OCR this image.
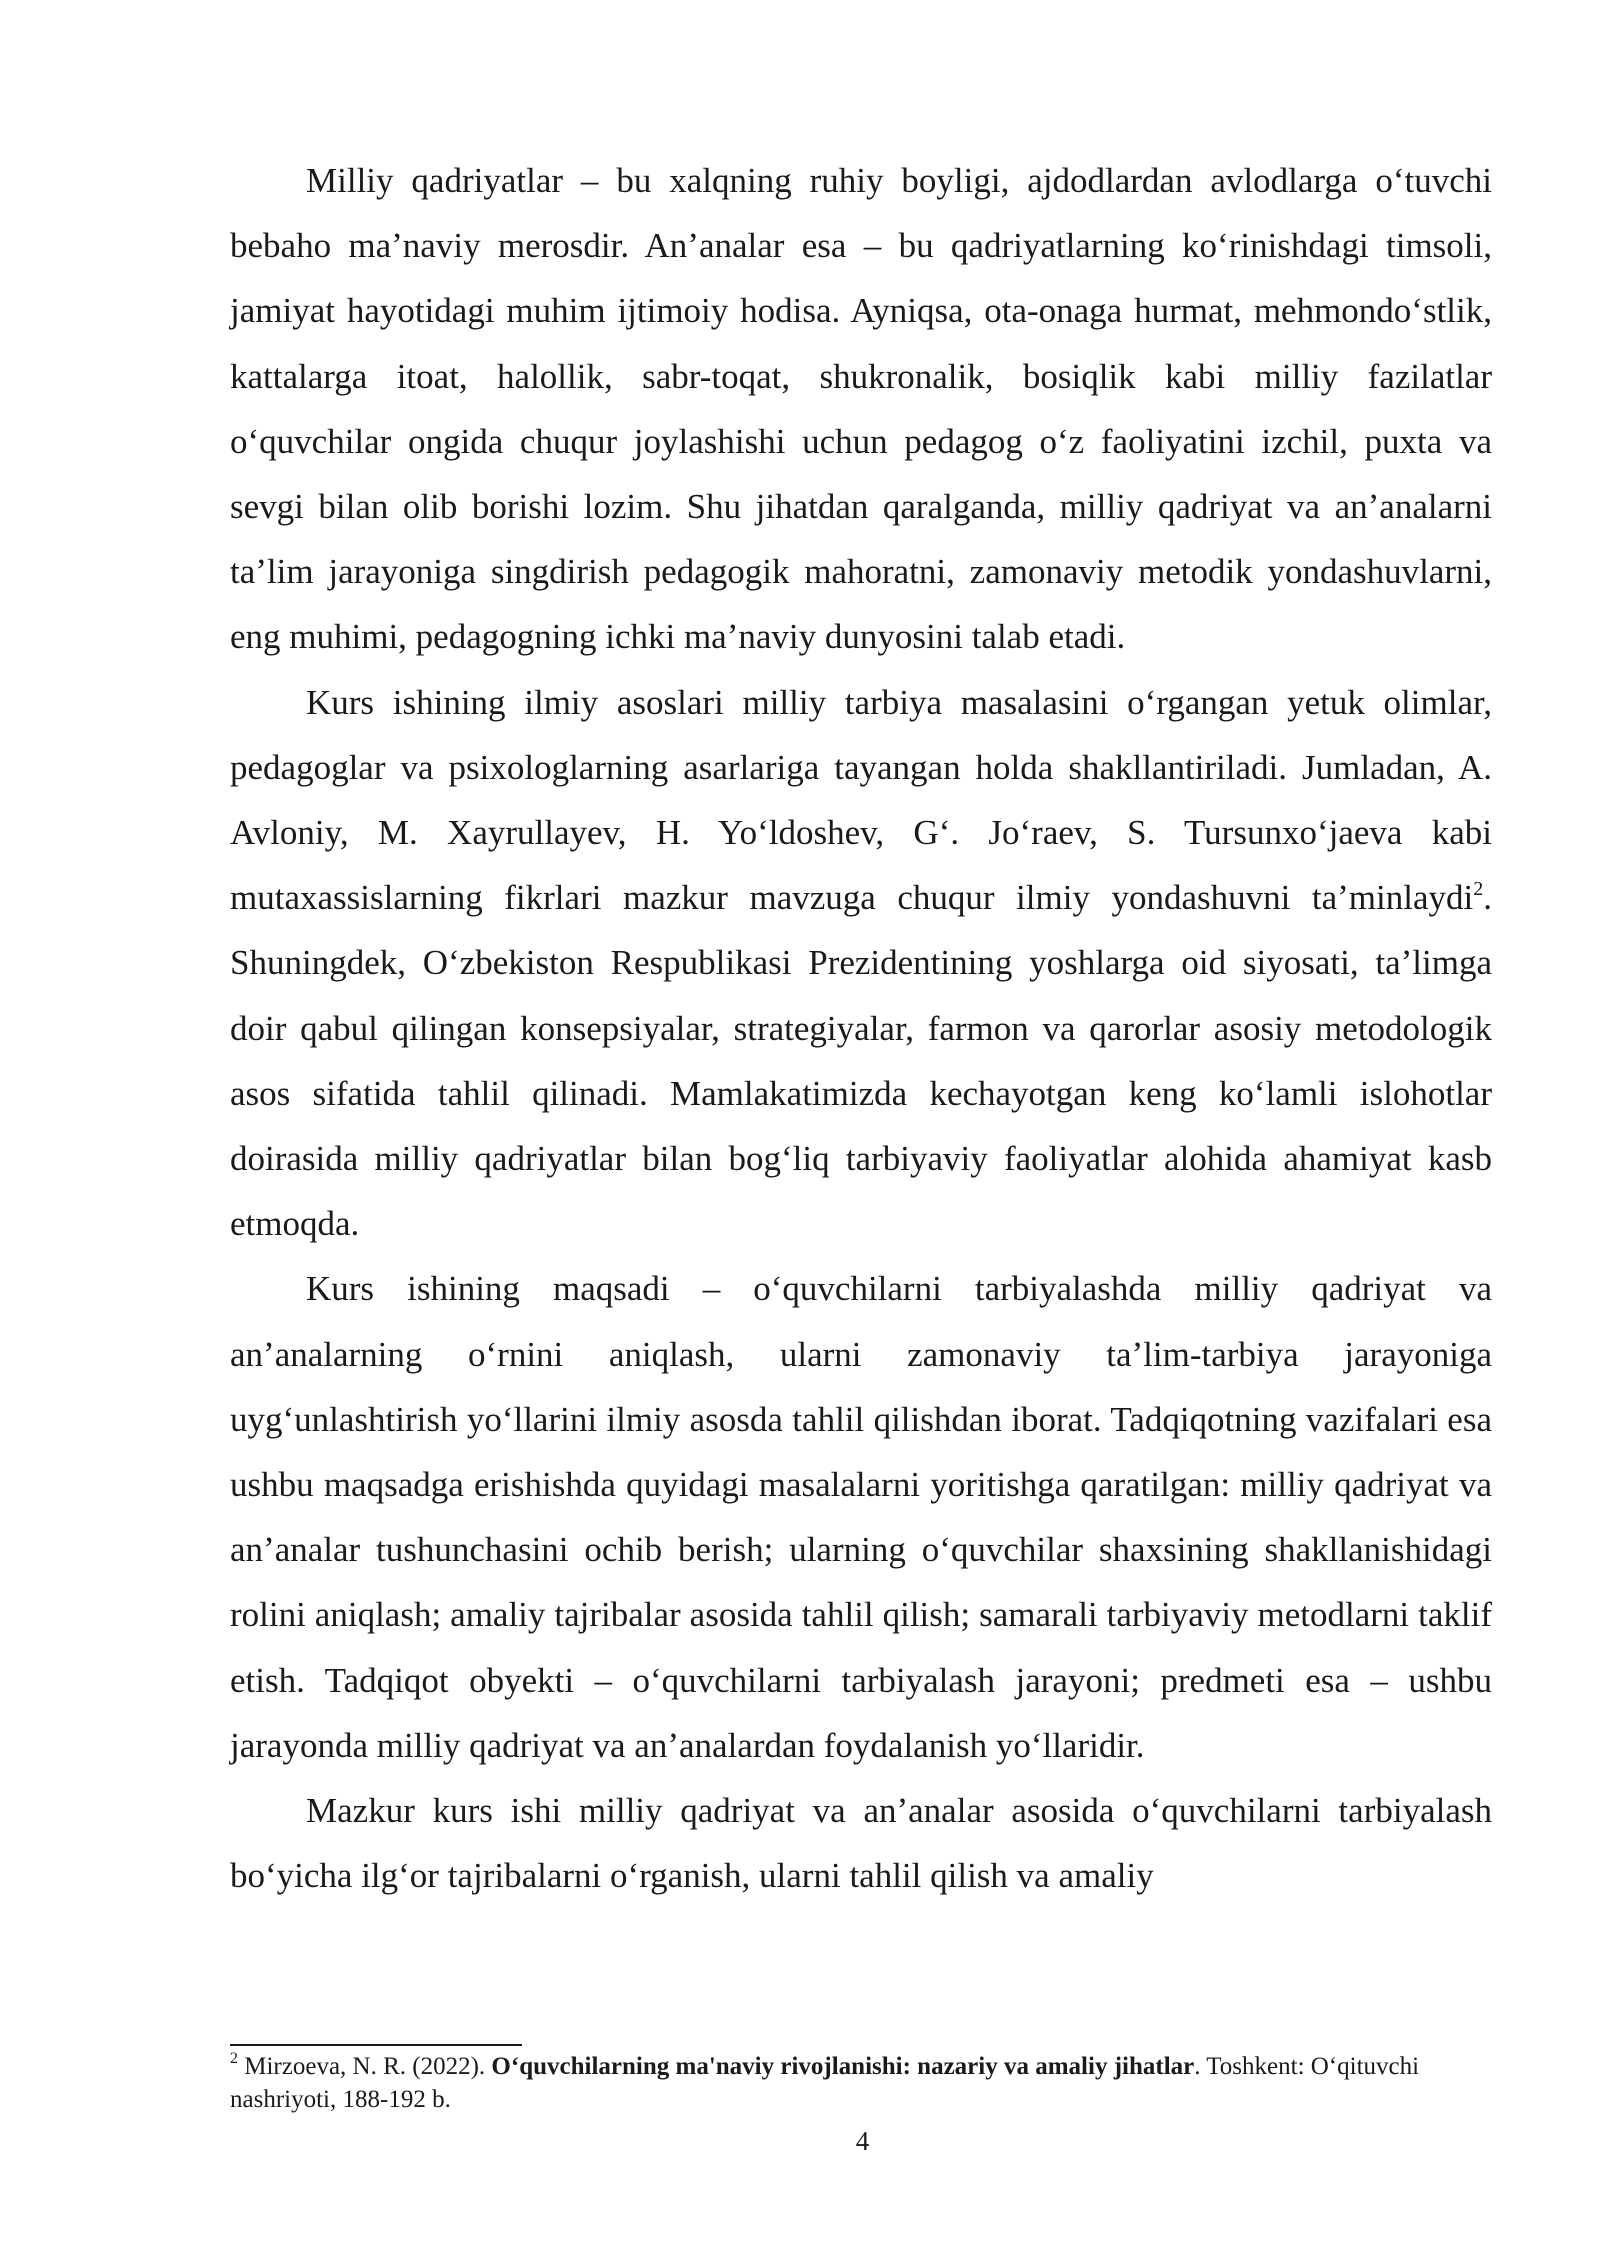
Milliy qadriyatlar – bu xalqning ruhiy boyligi, ajdodlardan avlodlarga oʻtuvchi bebaho maʼnaviy merosdir. Anʼanalar esa – bu qadriyatlarning koʻrinishdagi timsoli, jamiyat hayotidagi muhim ijtimoiy hodisa. Ayniqsa, ota-onaga hurmat, mehmondoʻstlik, kattalarga itoat, halollik, sabr-toqat, shukronalik, bosiqlik kabi milliy fazilatlar oʻquvchilar ongida chuqur joylashishi uchun pedagog oʻz faoliyatini izchil, puxta va sevgi bilan olib borishi lozim. Shu jihatdan qaralganda, milliy qadriyat va anʼanalarni taʼlim jarayoniga singdirish pedagogik mahoratni, zamonaviy metodik yondashuvlarni, eng muhimi, pedagogning ichki maʼnaviy dunyosini talab etadi.

Kurs ishining ilmiy asoslari milliy tarbiya masalasini oʻrgangan yetuk olimlar, pedagoglar va psixologlarning asarlariga tayangan holda shakllantiriladi. Jumladan, A. Avloniy, M. Xayrullayev, H. Yoʻldoshev, Gʻ. Joʻraev, S. Tursunxoʻjaeva kabi mutaxassislarning fikrlari mazkur mavzuga chuqur ilmiy yondashuvni taʼminlaydi$^2$. Shuningdek, Oʻzbekiston Respublikasi Prezidentining yoshlarga oid siyosati, taʼlimga doir qabul qilingan konsepsiyalar, strategiyalar, farmon va qarorlar asosiy metodologik asos sifatida tahlil qilinadi. Mamlakatimizda kechayotgan keng koʻlamli islohotlar doirasida milliy qadriyatlar bilan bogʻliq tarbiyaviy faoliyatlar alohida ahamiyat kasb etmoqda.

Kurs ishining maqsadi – oʻquvchilarni tarbiyalashda milliy qadriyat va anʼanalarning oʻrnini aniqlash, ularni zamonaviy taʼlim-tarbiya jarayoniga uygʻunlashtirish yoʻllarini ilmiy asosda tahlil qilishdan iborat. Tadqiqotning vazifalari esa ushbu maqsadga erishishda quyidagi masalalarni yoritishga qaratilgan: milliy qadriyat va anʼanalar tushunchasini ochib berish; ularning oʻquvchilar shaxsining shakllanishidagi rolini aniqlash; amaliy tajribalar asosida tahlil qilish; samarali tarbiyaviy metodlarni taklif etish. Tadqiqot obyekti – oʻquvchilarni tarbiyalash jarayoni; predmeti esa – ushbu jarayonda milliy qadriyat va anʼanalardan foydalanish yoʻllaridir.

Mazkur kurs ishi milliy qadriyat va anʼanalar asosida oʻquvchilarni tarbiyalash boʻyicha ilgʻor tajribalarni oʻrganish, ularni tahlil qilish va amaliy

$^2$ Mirzoeva, N. R. (2022). Oʻquvchilarning ma'naviy rivojlanishi: nazariy va amaliy jihatlar. Toshkent: Oʻqituvchi nashriyoti, 188-192 b.

4
